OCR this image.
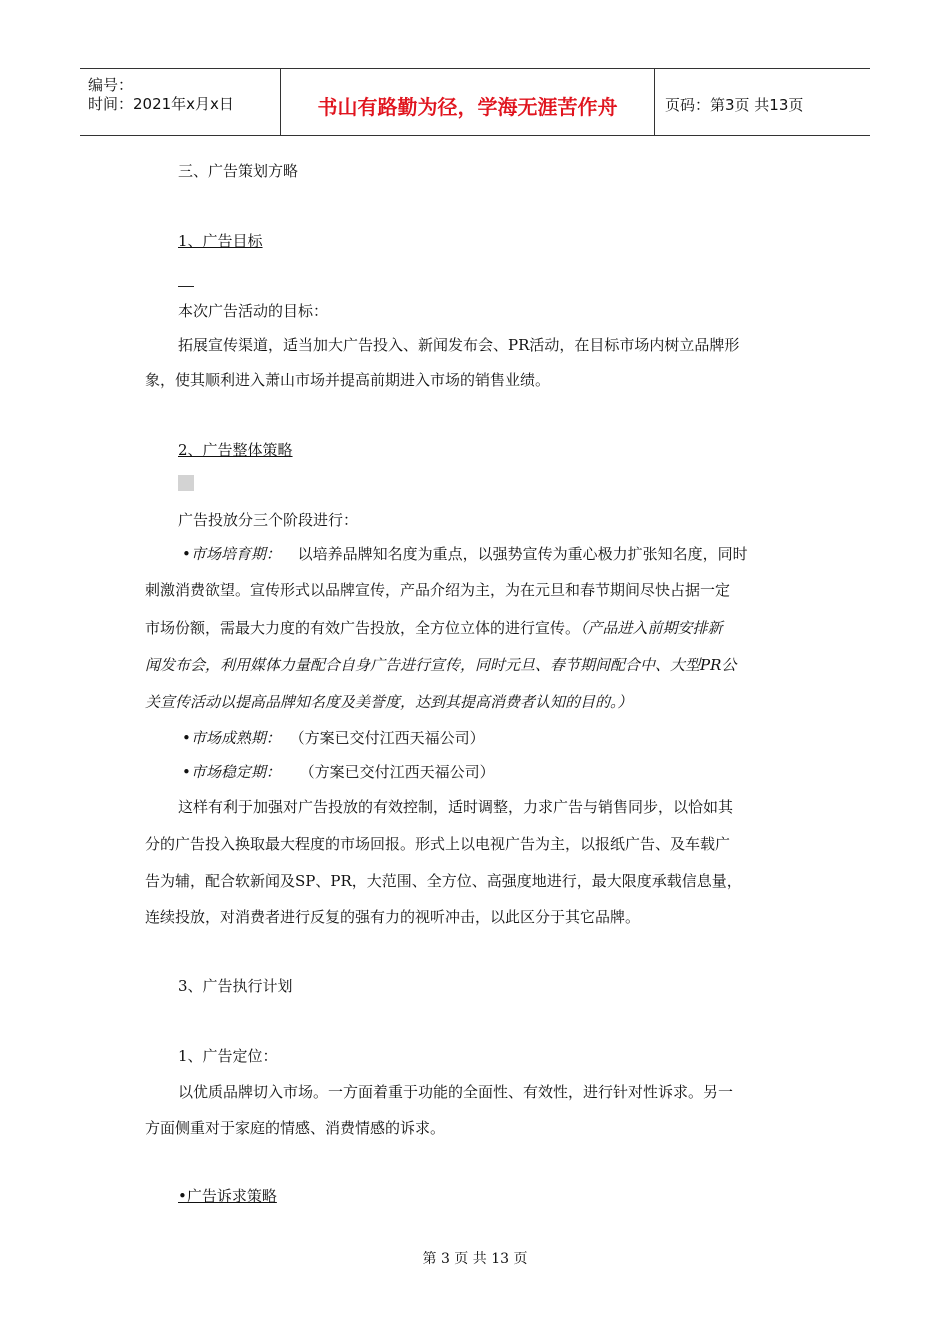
编号：
时间：2021年x月x日	书山有路勤为径，学海无涯苦作舟	页码：第3页 共13页
三、广告策划方略
1、广告目标
本次广告活动的目标：
拓展宣传渠道，适当加大广告投入、新闻发布会、PR活动，在目标市场内树立品牌形
象，使其顺利进入萧山市场并提高前期进入市场的销售业绩。
2、广告整体策略
广告投放分三个阶段进行：
•市场培育期： 以培养品牌知名度为重点，以强势宣传为重心极力扩张知名度，同时
刺激消费欲望。宣传形式以品牌宣传，产品介绍为主，为在元旦和春节期间尽快占据一定
市场份额，需最大力度的有效广告投放，全方位立体的进行宣传。（产品进入前期安排新
闻发布会，利用媒体力量配合自身广告进行宣传，同时元旦、春节期间配合中、大型PR公
关宣传活动以提高品牌知名度及美誉度，达到其提高消费者认知的目的。）
•市场成熟期： （方案已交付江西天福公司）
•市场稳定期： （方案已交付江西天福公司）
这样有利于加强对广告投放的有效控制，适时调整，力求广告与销售同步，以恰如其
分的广告投入换取最大程度的市场回报。形式上以电视广告为主，以报纸广告、及车载广
告为辅，配合软新闻及SP、PR，大范围、全方位、高强度地进行，最大限度承载信息量，
连续投放，对消费者进行反复的强有力的视听冲击，以此区分于其它品牌。
3、广告执行计划
1、广告定位：
以优质品牌切入市场。一方面着重于功能的全面性、有效性，进行针对性诉求。另一
方面侧重对于家庭的情感、消费情感的诉求。
•广告诉求策略
第 3 页 共 13 页
